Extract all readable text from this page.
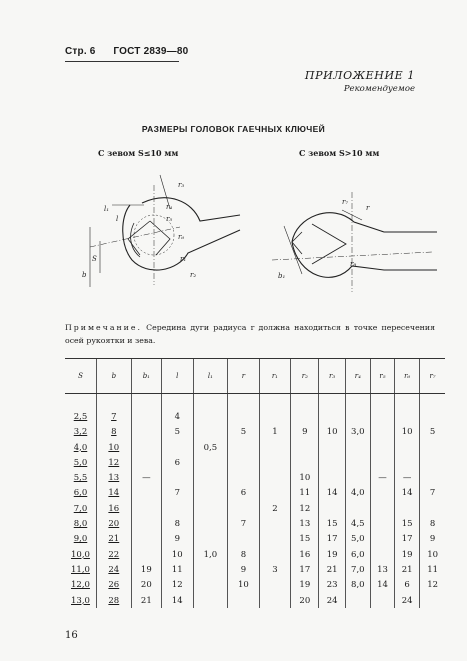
Стр. 6 ГОСТ 2839—80
ПРИЛОЖЕНИЕ 1
Рекомендуемое
РАЗМЕРЫ ГОЛОВОК ГАЕЧНЫХ КЛЮЧЕЙ
С зевом S≤10 мм	С зевом S>10 мм
b
S
l₁
l
r₃
r₄
r₅
r₆
r₁
r₂
r₇
r
b₁
r₈
Примечание. Середина дуги радиуса r должна находиться в точке пересечения осей рукоятки и зева.
S	b	b₁	l	l₁	r	r₁	r₂	r₃	r₄	r₅	r₆	r₇

2,5	7		4									
3,2	8		5		5	1	9	10	3,0		10	5
4,0	10			0,5								
5,0	12		6									
5,5	13	—					10			—	—	
6,0	14		7		6		11	14	4,0		14	7
7,0	16					2	12					
8,0	20		8		7		13	15	4,5		15	8
9,0	21		9				15	17	5,0		17	9
10,0	22		10	1,0	8		16	19	6,0		19	10
11,0	24	19	11		9	3	17	21	7,0	13	21	11
12,0	26	20	12		10		19	23	8,0	14	6	12
13,0	28	21	14				20	24			24	
16
